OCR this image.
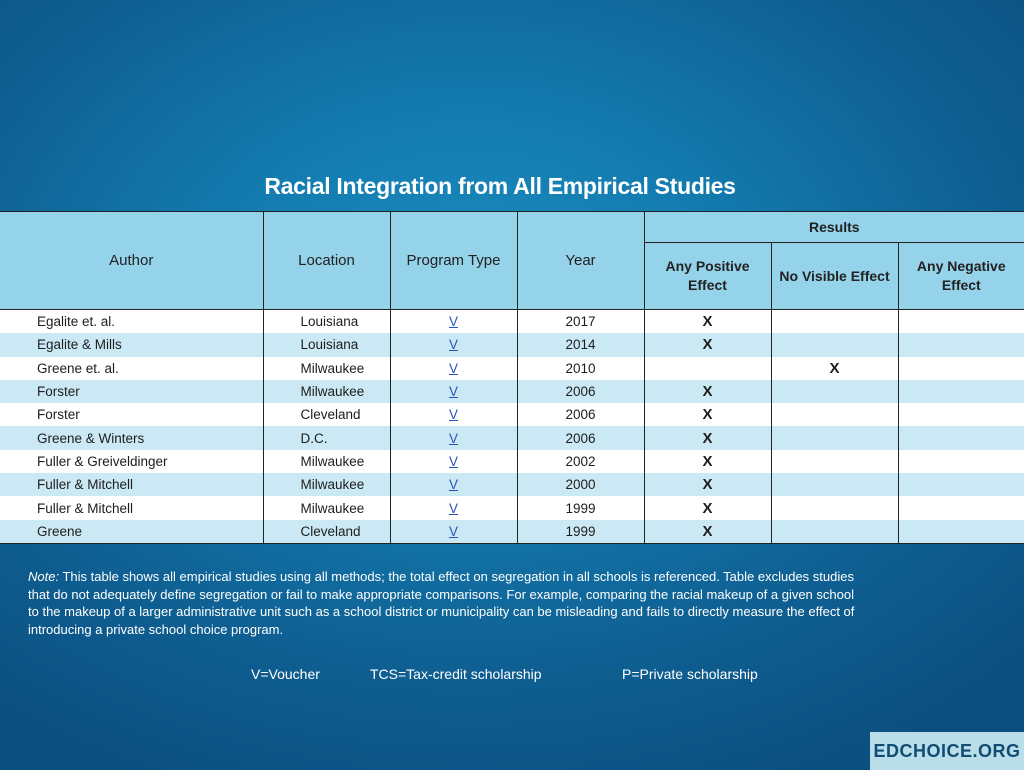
Racial Integration from All Empirical Studies
Author	Location	Program Type	Year	Results		
				Any Positive Effect	No Visible Effect	Any Negative Effect
Egalite et. al.	Louisiana	V	2017	X		
Egalite & Mills	Louisiana	V	2014	X		
Greene et. al.	Milwaukee	V	2010		X	
Forster	Milwaukee	V	2006	X		
Forster	Cleveland	V	2006	X		
Greene & Winters	D.C.	V	2006	X		
Fuller & Greiveldinger	Milwaukee	V	2002	X		
Fuller & Mitchell	Milwaukee	V	2000	X		
Fuller & Mitchell	Milwaukee	V	1999	X		
Greene	Cleveland	V	1999	X		
Note: This table shows all empirical studies using all methods; the total effect on segregation in all schools is referenced. Table excludes studies that do not adequately define segregation or fail to make appropriate comparisons. For example, comparing the racial makeup of a given school to the makeup of a larger administrative unit such as a school district or municipality can be misleading and fails to directly measure the effect of introducing a private school choice program.
V=Voucher	TCS=Tax-credit scholarship	P=Private scholarship
EDCHOICE.ORG
